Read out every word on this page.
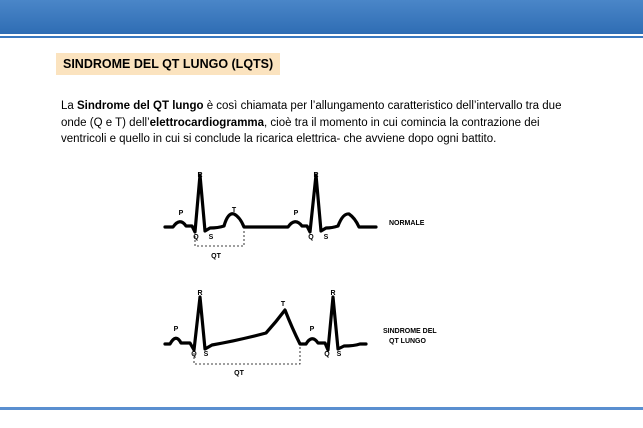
SINDROME DEL QT LUNGO (LQTS)

La Sindrome del QT lungo è così chiamata per l’allungamento caratteristico dell’intervallo tra due onde (Q e T) dell’elettrocardiogramma, cioè tra il momento in cui comincia la contrazione dei ventricoli e quello in cui si conclude la ricarica elettrica- che avviene dopo ogni battito.

P
R
Q S
T	P
R
Q S
QT
NORMALE
P
R
Q S
T
P
R
Q S
QT
SINDROME DEL
QT LUNGO
